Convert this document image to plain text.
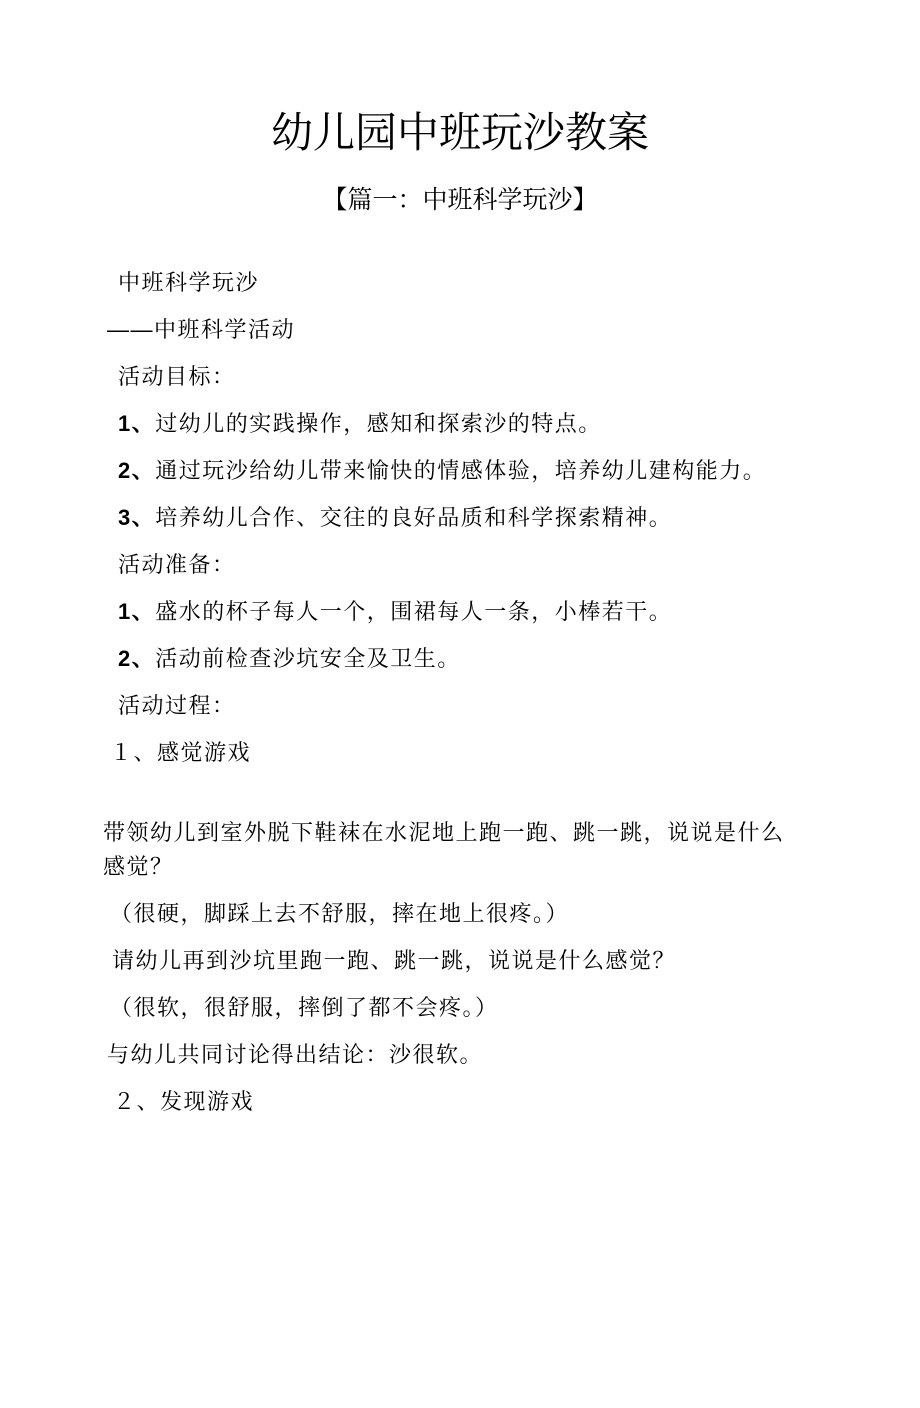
幼儿园中班玩沙教案
【篇一：中班科学玩沙】

中班科学玩沙

——中班科学活动

活动目标：

1、过幼儿的实践操作，感知和探索沙的特点。

2、通过玩沙给幼儿带来愉快的情感体验，培养幼儿建构能力。

3、培养幼儿合作、交往的良好品质和科学探索精神。

活动准备：

1、盛水的杯子每人一个，围裙每人一条，小棒若干。

2、活动前检查沙坑安全及卫生。

活动过程：

１、感觉游戏

带领幼儿到室外脱下鞋袜在水泥地上跑一跑、跳一跳，说说是什么感觉？

（很硬，脚踩上去不舒服，摔在地上很疼。）

请幼儿再到沙坑里跑一跑、跳一跳，说说是什么感觉？

（很软，很舒服，摔倒了都不会疼。）

与幼儿共同讨论得出结论：沙很软。

２、发现游戏
